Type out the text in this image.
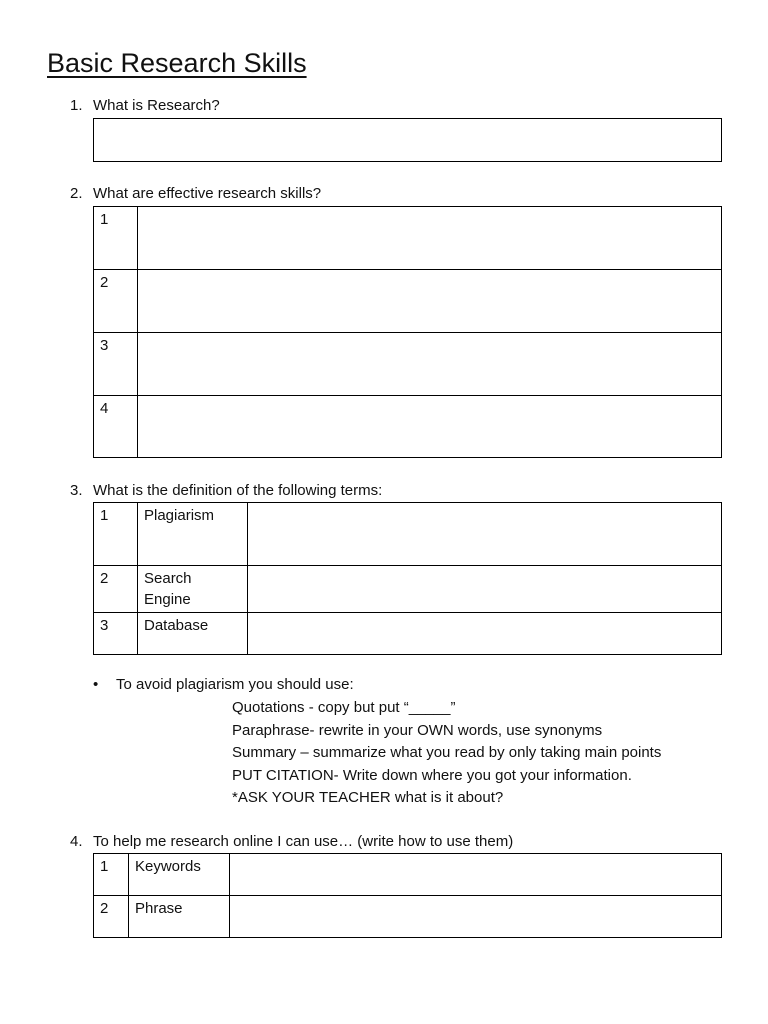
Basic Research Skills
1. What is Research?
2. What are effective research skills?
1	
2	
3	
4	
3. What is the definition of the following terms:
1	Plagiarism	
2	Search Engine	
3	Database	
• To avoid plagiarism you should use:
Quotations - copy but put “_____”
Paraphrase- rewrite in your OWN words, use synonyms
Summary – summarize what you read by only taking main points
PUT CITATION- Write down where you got your information.
*ASK YOUR TEACHER what is it about?
4. To help me research online I can use… (write how to use them)
1	Keywords	
2	Phrase	
